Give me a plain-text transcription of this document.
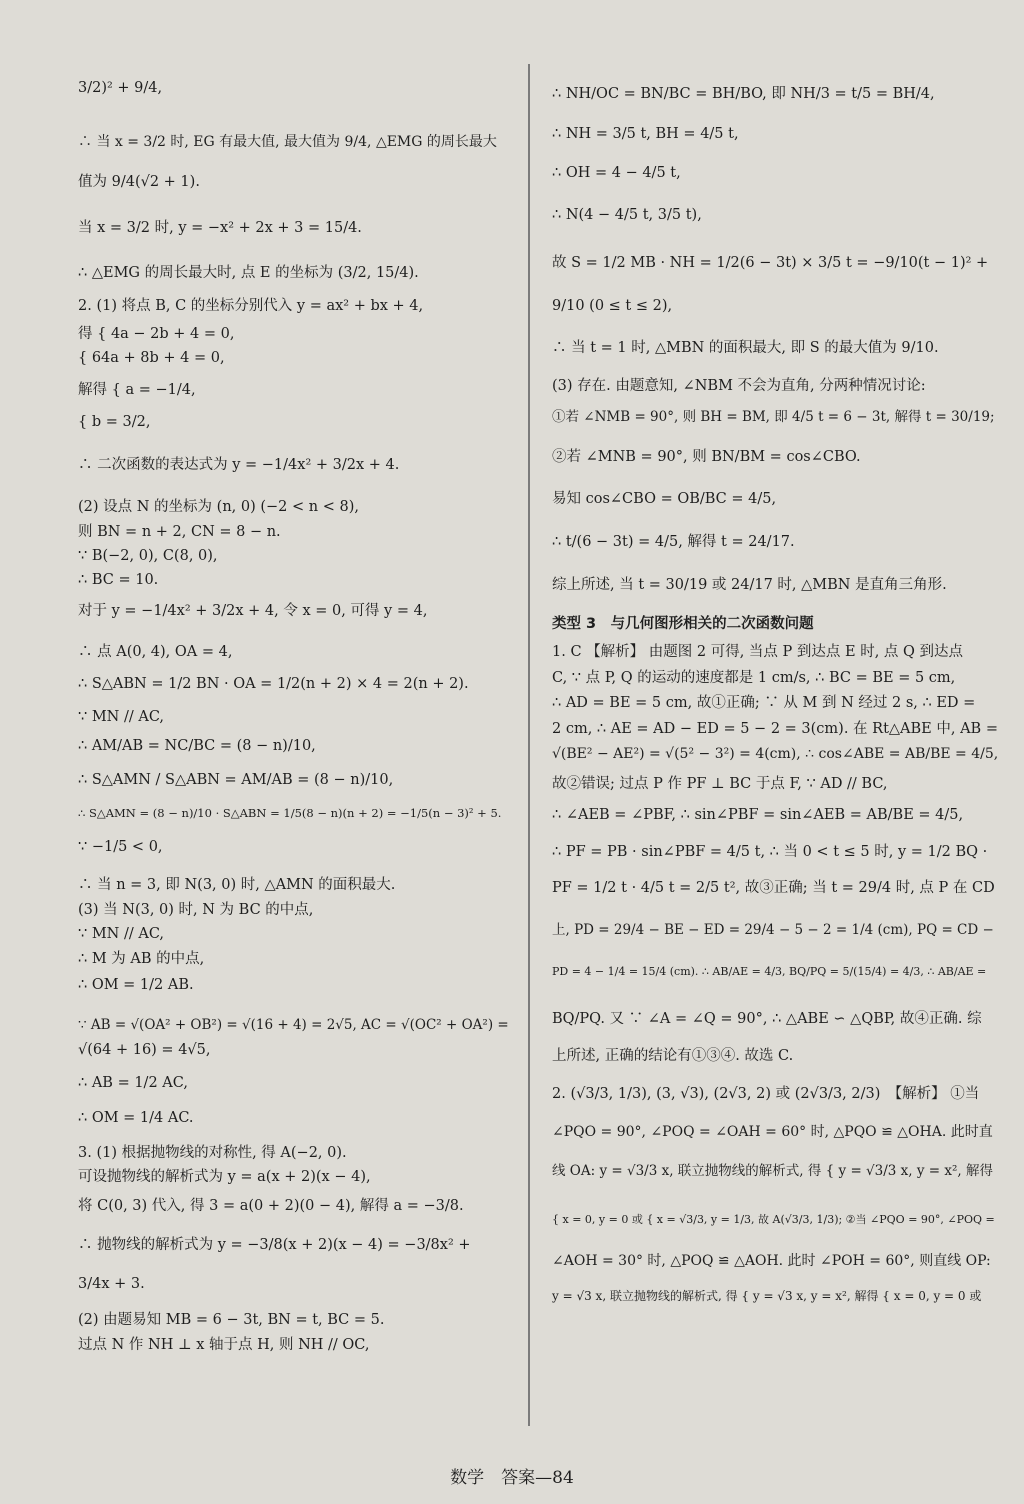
3/2)² + 9/4,
∴ 当 x = 3/2 时, EG 有最大值, 最大值为 9/4, △EMG 的周长最大
值为 9/4(√2 + 1).
当 x = 3/2 时, y = −x² + 2x + 3 = 15/4.
∴ △EMG 的周长最大时, 点 E 的坐标为 (3/2, 15/4).
2. (1) 将点 B, C 的坐标分别代入 y = ax² + bx + 4,
得 { 4a − 2b + 4 = 0,
{ 64a + 8b + 4 = 0,
解得 { a = −1/4,
{ b = 3/2,
∴ 二次函数的表达式为 y = −1/4x² + 3/2x + 4.
(2) 设点 N 的坐标为 (n, 0) (−2 < n < 8),
则 BN = n + 2, CN = 8 − n.
∵ B(−2, 0), C(8, 0),
∴ BC = 10.
对于 y = −1/4x² + 3/2x + 4, 令 x = 0, 可得 y = 4,
∴ 点 A(0, 4), OA = 4,
∴ S△ABN = 1/2 BN · OA = 1/2(n + 2) × 4 = 2(n + 2).
∵ MN // AC,
∴ AM/AB = NC/BC = (8 − n)/10,
∴ S△AMN / S△ABN = AM/AB = (8 − n)/10,
∴ S△AMN = (8 − n)/10 · S△ABN = 1/5(8 − n)(n + 2) = −1/5(n − 3)² + 5.
∵ −1/5 < 0,
∴ 当 n = 3, 即 N(3, 0) 时, △AMN 的面积最大.
(3) 当 N(3, 0) 时, N 为 BC 的中点,
∵ MN // AC,
∴ M 为 AB 的中点,
∴ OM = 1/2 AB.
∵ AB = √(OA² + OB²) = √(16 + 4) = 2√5, AC = √(OC² + OA²) =
√(64 + 16) = 4√5,
∴ AB = 1/2 AC,
∴ OM = 1/4 AC.
3. (1) 根据抛物线的对称性, 得 A(−2, 0).
可设抛物线的解析式为 y = a(x + 2)(x − 4),
将 C(0, 3) 代入, 得 3 = a(0 + 2)(0 − 4), 解得 a = −3/8.
∴ 抛物线的解析式为 y = −3/8(x + 2)(x − 4) = −3/8x² +
3/4x + 3.
(2) 由题易知 MB = 6 − 3t, BN = t, BC = 5.
过点 N 作 NH ⊥ x 轴于点 H, 则 NH // OC,
∴ NH/OC = BN/BC = BH/BO, 即 NH/3 = t/5 = BH/4,
∴ NH = 3/5 t, BH = 4/5 t,
∴ OH = 4 − 4/5 t,
∴ N(4 − 4/5 t, 3/5 t),
故 S = 1/2 MB · NH = 1/2(6 − 3t) × 3/5 t = −9/10(t − 1)² +
9/10 (0 ≤ t ≤ 2),
∴ 当 t = 1 时, △MBN 的面积最大, 即 S 的最大值为 9/10.
(3) 存在. 由题意知, ∠NBM 不会为直角, 分两种情况讨论:
①若 ∠NMB = 90°, 则 BH = BM, 即 4/5 t = 6 − 3t, 解得 t = 30/19;
②若 ∠MNB = 90°, 则 BN/BM = cos∠CBO.
易知 cos∠CBO = OB/BC = 4/5,
∴ t/(6 − 3t) = 4/5, 解得 t = 24/17.
综上所述, 当 t = 30/19 或 24/17 时, △MBN 是直角三角形.
类型 3　与几何图形相关的二次函数问题
1. C 【解析】 由题图 2 可得, 当点 P 到达点 E 时, 点 Q 到达点
C, ∵ 点 P, Q 的运动的速度都是 1 cm/s, ∴ BC = BE = 5 cm,
∴ AD = BE = 5 cm, 故①正确; ∵ 从 M 到 N 经过 2 s, ∴ ED =
2 cm, ∴ AE = AD − ED = 5 − 2 = 3(cm). 在 Rt△ABE 中, AB =
√(BE² − AE²) = √(5² − 3²) = 4(cm), ∴ cos∠ABE = AB/BE = 4/5,
故②错误; 过点 P 作 PF ⊥ BC 于点 F, ∵ AD // BC,
∴ ∠AEB = ∠PBF, ∴ sin∠PBF = sin∠AEB = AB/BE = 4/5,
∴ PF = PB · sin∠PBF = 4/5 t, ∴ 当 0 < t ≤ 5 时, y = 1/2 BQ ·
PF = 1/2 t · 4/5 t = 2/5 t², 故③正确; 当 t = 29/4 时, 点 P 在 CD
上, PD = 29/4 − BE − ED = 29/4 − 5 − 2 = 1/4 (cm), PQ = CD −
PD = 4 − 1/4 = 15/4 (cm). ∴ AB/AE = 4/3, BQ/PQ = 5/(15/4) = 4/3, ∴ AB/AE =
BQ/PQ. 又 ∵ ∠A = ∠Q = 90°, ∴ △ABE ∽ △QBP, 故④正确. 综
上所述, 正确的结论有①③④. 故选 C.
2. (√3/3, 1/3), (3, √3), (2√3, 2) 或 (2√3/3, 2/3)　【解析】 ①当
∠PQO = 90°, ∠POQ = ∠OAH = 60° 时, △PQO ≌ △OHA. 此时直
线 OA: y = √3/3 x, 联立抛物线的解析式, 得 { y = √3/3 x, y = x², 解得
{ x = 0, y = 0 或 { x = √3/3, y = 1/3, 故 A(√3/3, 1/3); ②当 ∠PQO = 90°, ∠POQ =
∠AOH = 30° 时, △POQ ≌ △AOH. 此时 ∠POH = 60°, 则直线 OP:
y = √3 x, 联立抛物线的解析式, 得 { y = √3 x, y = x², 解得 { x = 0, y = 0 或
数学　答案—84
